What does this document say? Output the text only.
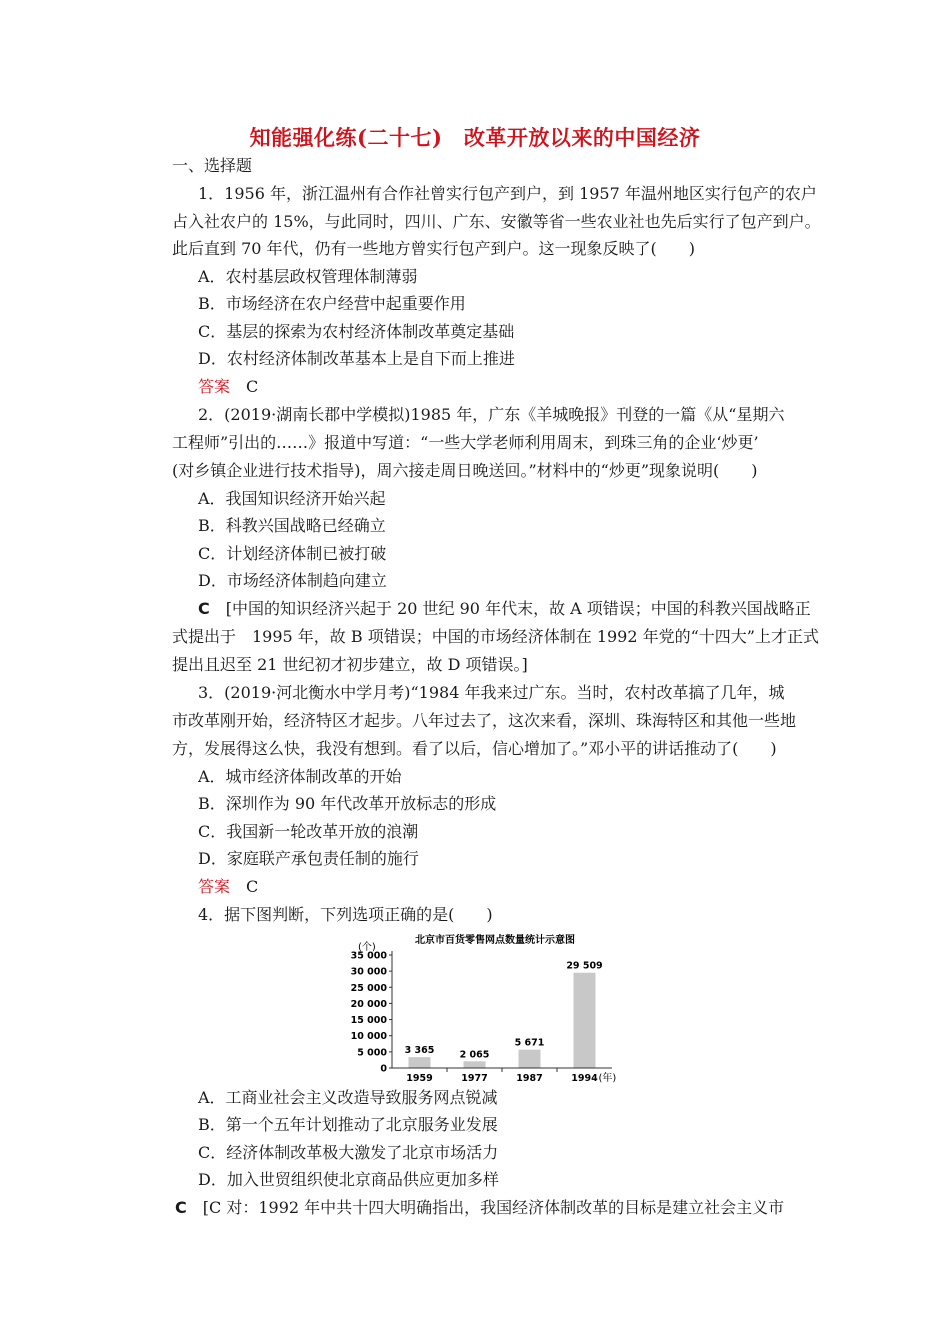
知能强化练(二十七)　改革开放以来的中国经济
一、选择题
1．1956 年，浙江温州有合作社曾实行包产到户，到 1957 年温州地区实行包产的农户
占入社农户的 15%，与此同时，四川、广东、安徽等省一些农业社也先后实行了包产到户。
此后直到 70 年代，仍有一些地方曾实行包产到户。这一现象反映了(　　)
A．农村基层政权管理体制薄弱
B．市场经济在农户经营中起重要作用
C．基层的探索为农村经济体制改革奠定基础
D．农村经济体制改革基本上是自下而上推进
答案　 C
2．(2019·湖南长郡中学模拟)1985 年，广东《羊城晚报》刊登的一篇《从“星期六
工程师”引出的……》报道中写道：“一些大学老师利用周末，到珠三角的企业‘炒更’
(对乡镇企业进行技术指导)，周六接走周日晚送回。”材料中的“炒更”现象说明(　　)
A．我国知识经济开始兴起
B．科教兴国战略已经确立
C．计划经济体制已被打破
D．市场经济体制趋向建立
C　 [中国的知识经济兴起于 20 世纪 90 年代末，故 A 项错误；中国的科教兴国战略正
式提出于　1995 年，故 B 项错误；中国的市场经济体制在 1992 年党的“十四大”上才正式
提出且迟至 21 世纪初才初步建立，故 D 项错误。]
3．(2019·河北衡水中学月考)“1984 年我来过广东。当时，农村改革搞了几年，城
市改革刚开始，经济特区才起步。八年过去了，这次来看，深圳、珠海特区和其他一些地
方，发展得这么快，我没有想到。看了以后，信心增加了。”邓小平的讲话推动了(　　)
A．城市经济体制改革的开始
B．深圳作为 90 年代改革开放标志的形成
C．我国新一轮改革开放的浪潮
D．家庭联产承包责任制的施行
答案　 C
4．据下图判断，下列选项正确的是(　　)
北京市百货零售网点数量统计示意图
(个)
0
5 000
10 000
15 000
20 000
25 000
30 000
35 000
3 365
1959
2 065
1977
5 671
1987
29 509
1994 (年)
A．工商业社会主义改造导致服务网点锐减
B．第一个五年计划推动了北京服务业发展
C．经济体制改革极大激发了北京市场活力
D．加入世贸组织使北京商品供应更加多样
C　 [C 对：1992 年中共十四大明确指出，我国经济体制改革的目标是建立社会主义市
